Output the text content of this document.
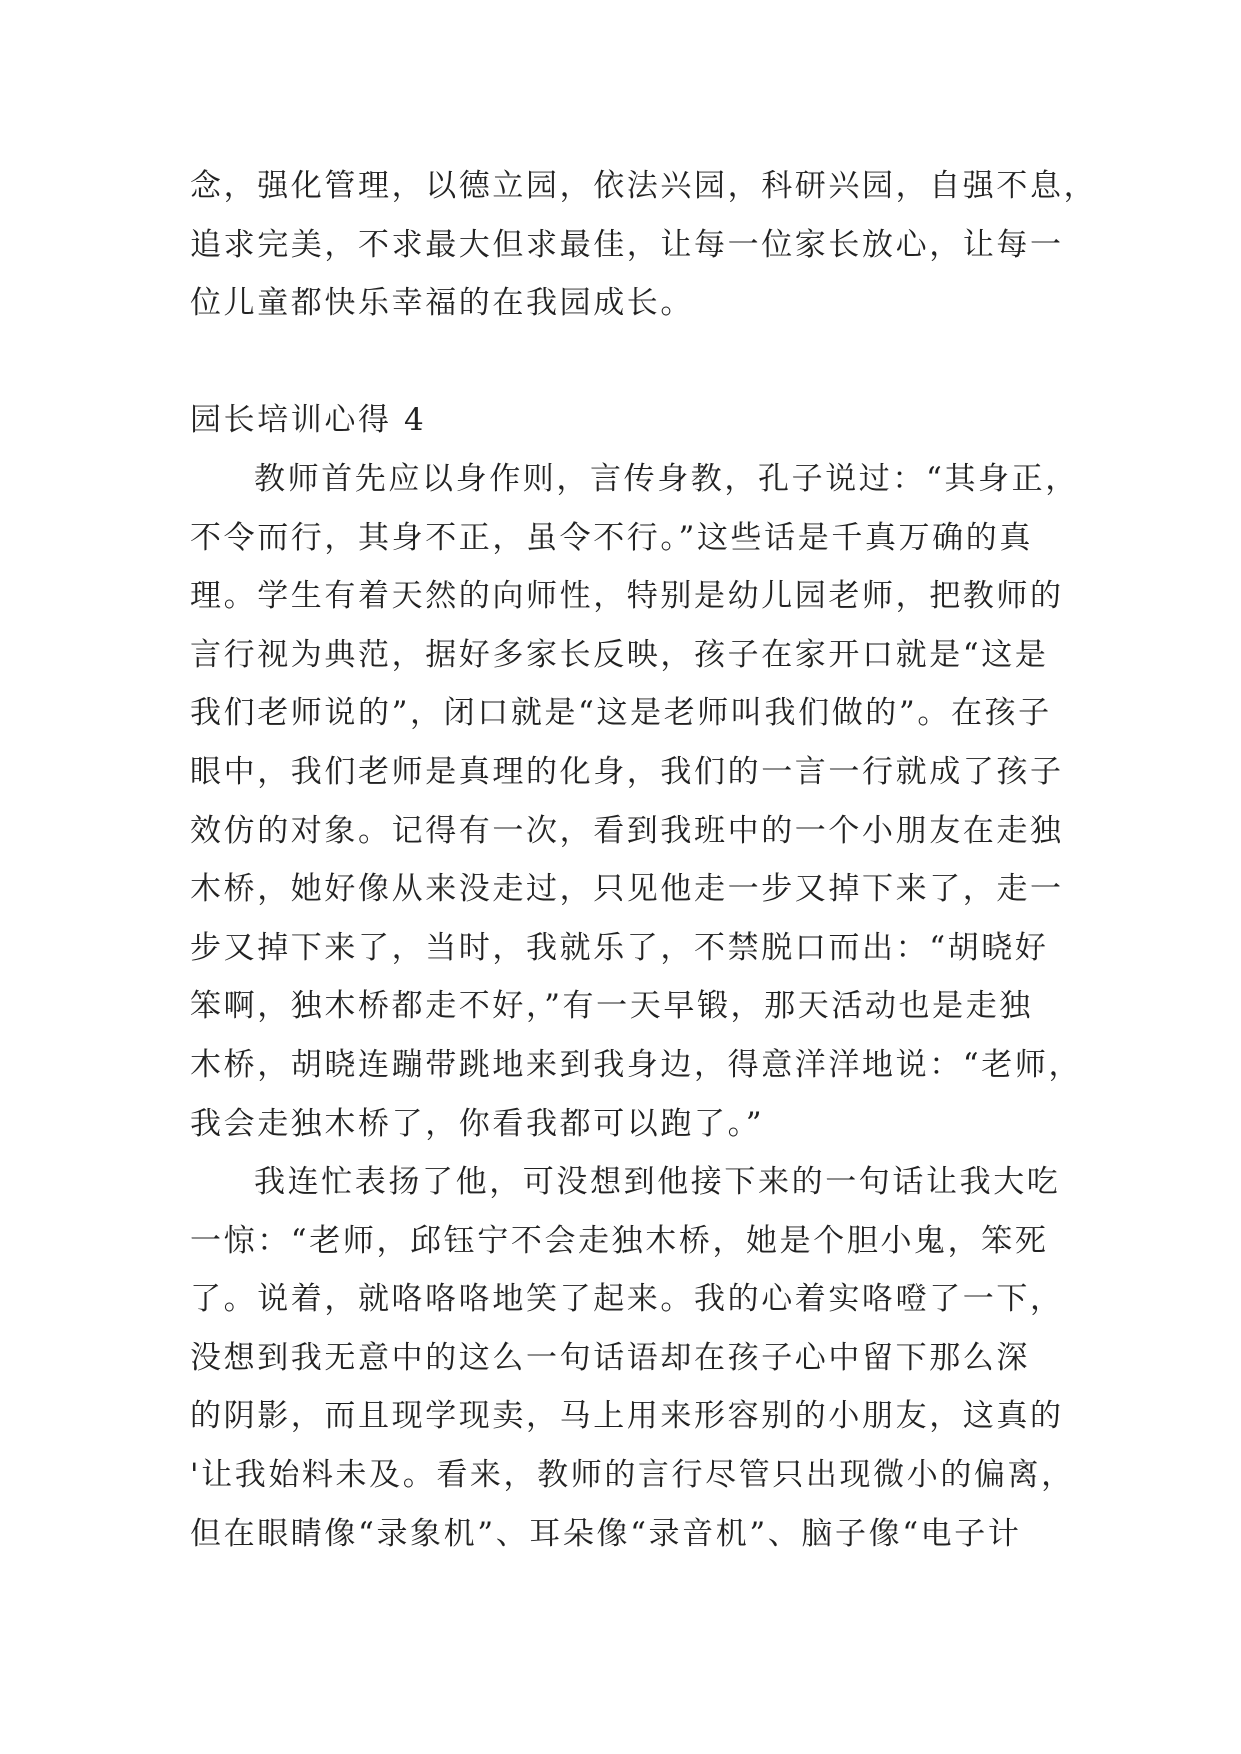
念，强化管理，以德立园，依法兴园，科研兴园，自强不息，
追求完美，不求最大但求最佳，让每一位家长放心，让每一
位儿童都快乐幸福的在我园成长。
园长培训心得 4
教师首先应以身作则，言传身教，孔子说过：“其身正，
不令而行，其身不正，虽令不行。”这些话是千真万确的真
理。学生有着天然的向师性，特别是幼儿园老师，把教师的
言行视为典范，据好多家长反映，孩子在家开口就是“这是
我们老师说的”，闭口就是“这是老师叫我们做的”。在孩子
眼中，我们老师是真理的化身，我们的一言一行就成了孩子
效仿的对象。记得有一次，看到我班中的一个小朋友在走独
木桥，她好像从来没走过，只见他走一步又掉下来了，走一
步又掉下来了，当时，我就乐了，不禁脱口而出：“胡晓好
笨啊，独木桥都走不好，”有一天早锻，那天活动也是走独
木桥，胡晓连蹦带跳地来到我身边，得意洋洋地说：“老师，
我会走独木桥了，你看我都可以跑了。”
我连忙表扬了他，可没想到他接下来的一句话让我大吃
一惊：“老师，邱钰宁不会走独木桥，她是个胆小鬼，笨死
了。说着，就咯咯咯地笑了起来。我的心着实咯噔了一下，
没想到我无意中的这么一句话语却在孩子心中留下那么深
的阴影，而且现学现卖，马上用来形容别的小朋友，这真的
'让我始料未及。看来，教师的言行尽管只出现微小的偏离，
但在眼睛像“录象机”、耳朵像“录音机”、脑子像“电子计
